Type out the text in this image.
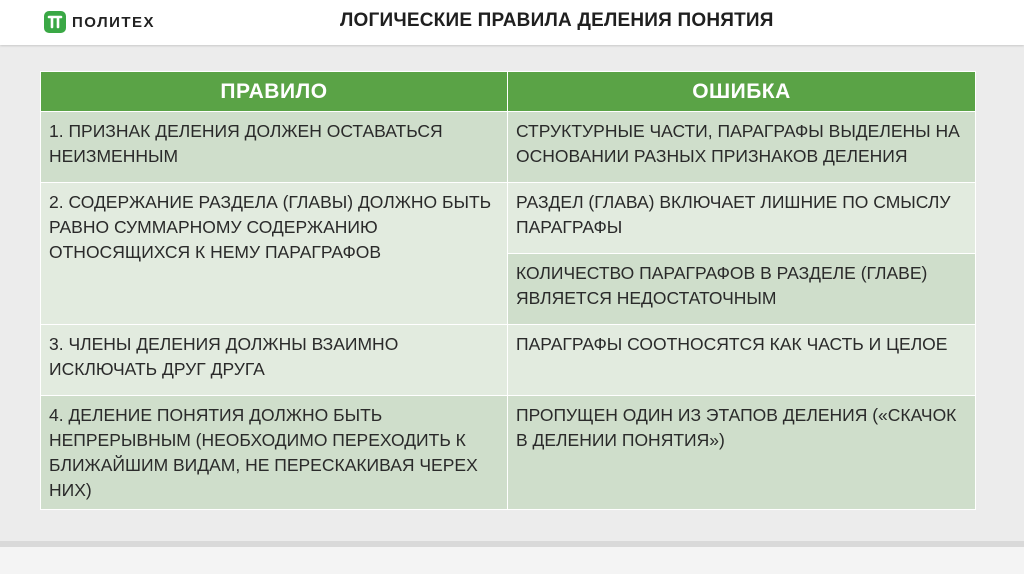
ПОЛИТЕХ	ЛОГИЧЕСКИЕ ПРАВИЛА ДЕЛЕНИЯ ПОНЯТИЯ
ПРАВИЛО	ОШИБКА
1. ПРИЗНАК ДЕЛЕНИЯ ДОЛЖЕН ОСТАВАТЬСЯ НЕИЗМЕННЫМ	СТРУКТУРНЫЕ ЧАСТИ, ПАРАГРАФЫ ВЫДЕЛЕНЫ НА ОСНОВАНИИ РАЗНЫХ ПРИЗНАКОВ ДЕЛЕНИЯ
2. СОДЕРЖАНИЕ РАЗДЕЛА (ГЛАВЫ) ДОЛЖНО БЫТЬ РАВНО СУММАРНОМУ СОДЕРЖАНИЮ ОТНОСЯЩИХСЯ К НЕМУ ПАРАГРАФОВ	РАЗДЕЛ (ГЛАВА) ВКЛЮЧАЕТ ЛИШНИЕ ПО СМЫСЛУ ПАРАГРАФЫ
	КОЛИЧЕСТВО ПАРАГРАФОВ В РАЗДЕЛЕ (ГЛАВЕ) ЯВЛЯЕТСЯ НЕДОСТАТОЧНЫМ
3. ЧЛЕНЫ ДЕЛЕНИЯ ДОЛЖНЫ ВЗАИМНО ИСКЛЮЧАТЬ ДРУГ ДРУГА	ПАРАГРАФЫ СООТНОСЯТСЯ КАК ЧАСТЬ И ЦЕЛОЕ
4. ДЕЛЕНИЕ ПОНЯТИЯ ДОЛЖНО БЫТЬ НЕПРЕРЫВНЫМ (НЕОБХОДИМО ПЕРЕХОДИТЬ К БЛИЖАЙШИМ ВИДАМ, НЕ ПЕРЕСКАКИВАЯ ЧЕРЕХ НИХ)	ПРОПУЩЕН ОДИН ИЗ ЭТАПОВ ДЕЛЕНИЯ («СКАЧОК В ДЕЛЕНИИ ПОНЯТИЯ»)
